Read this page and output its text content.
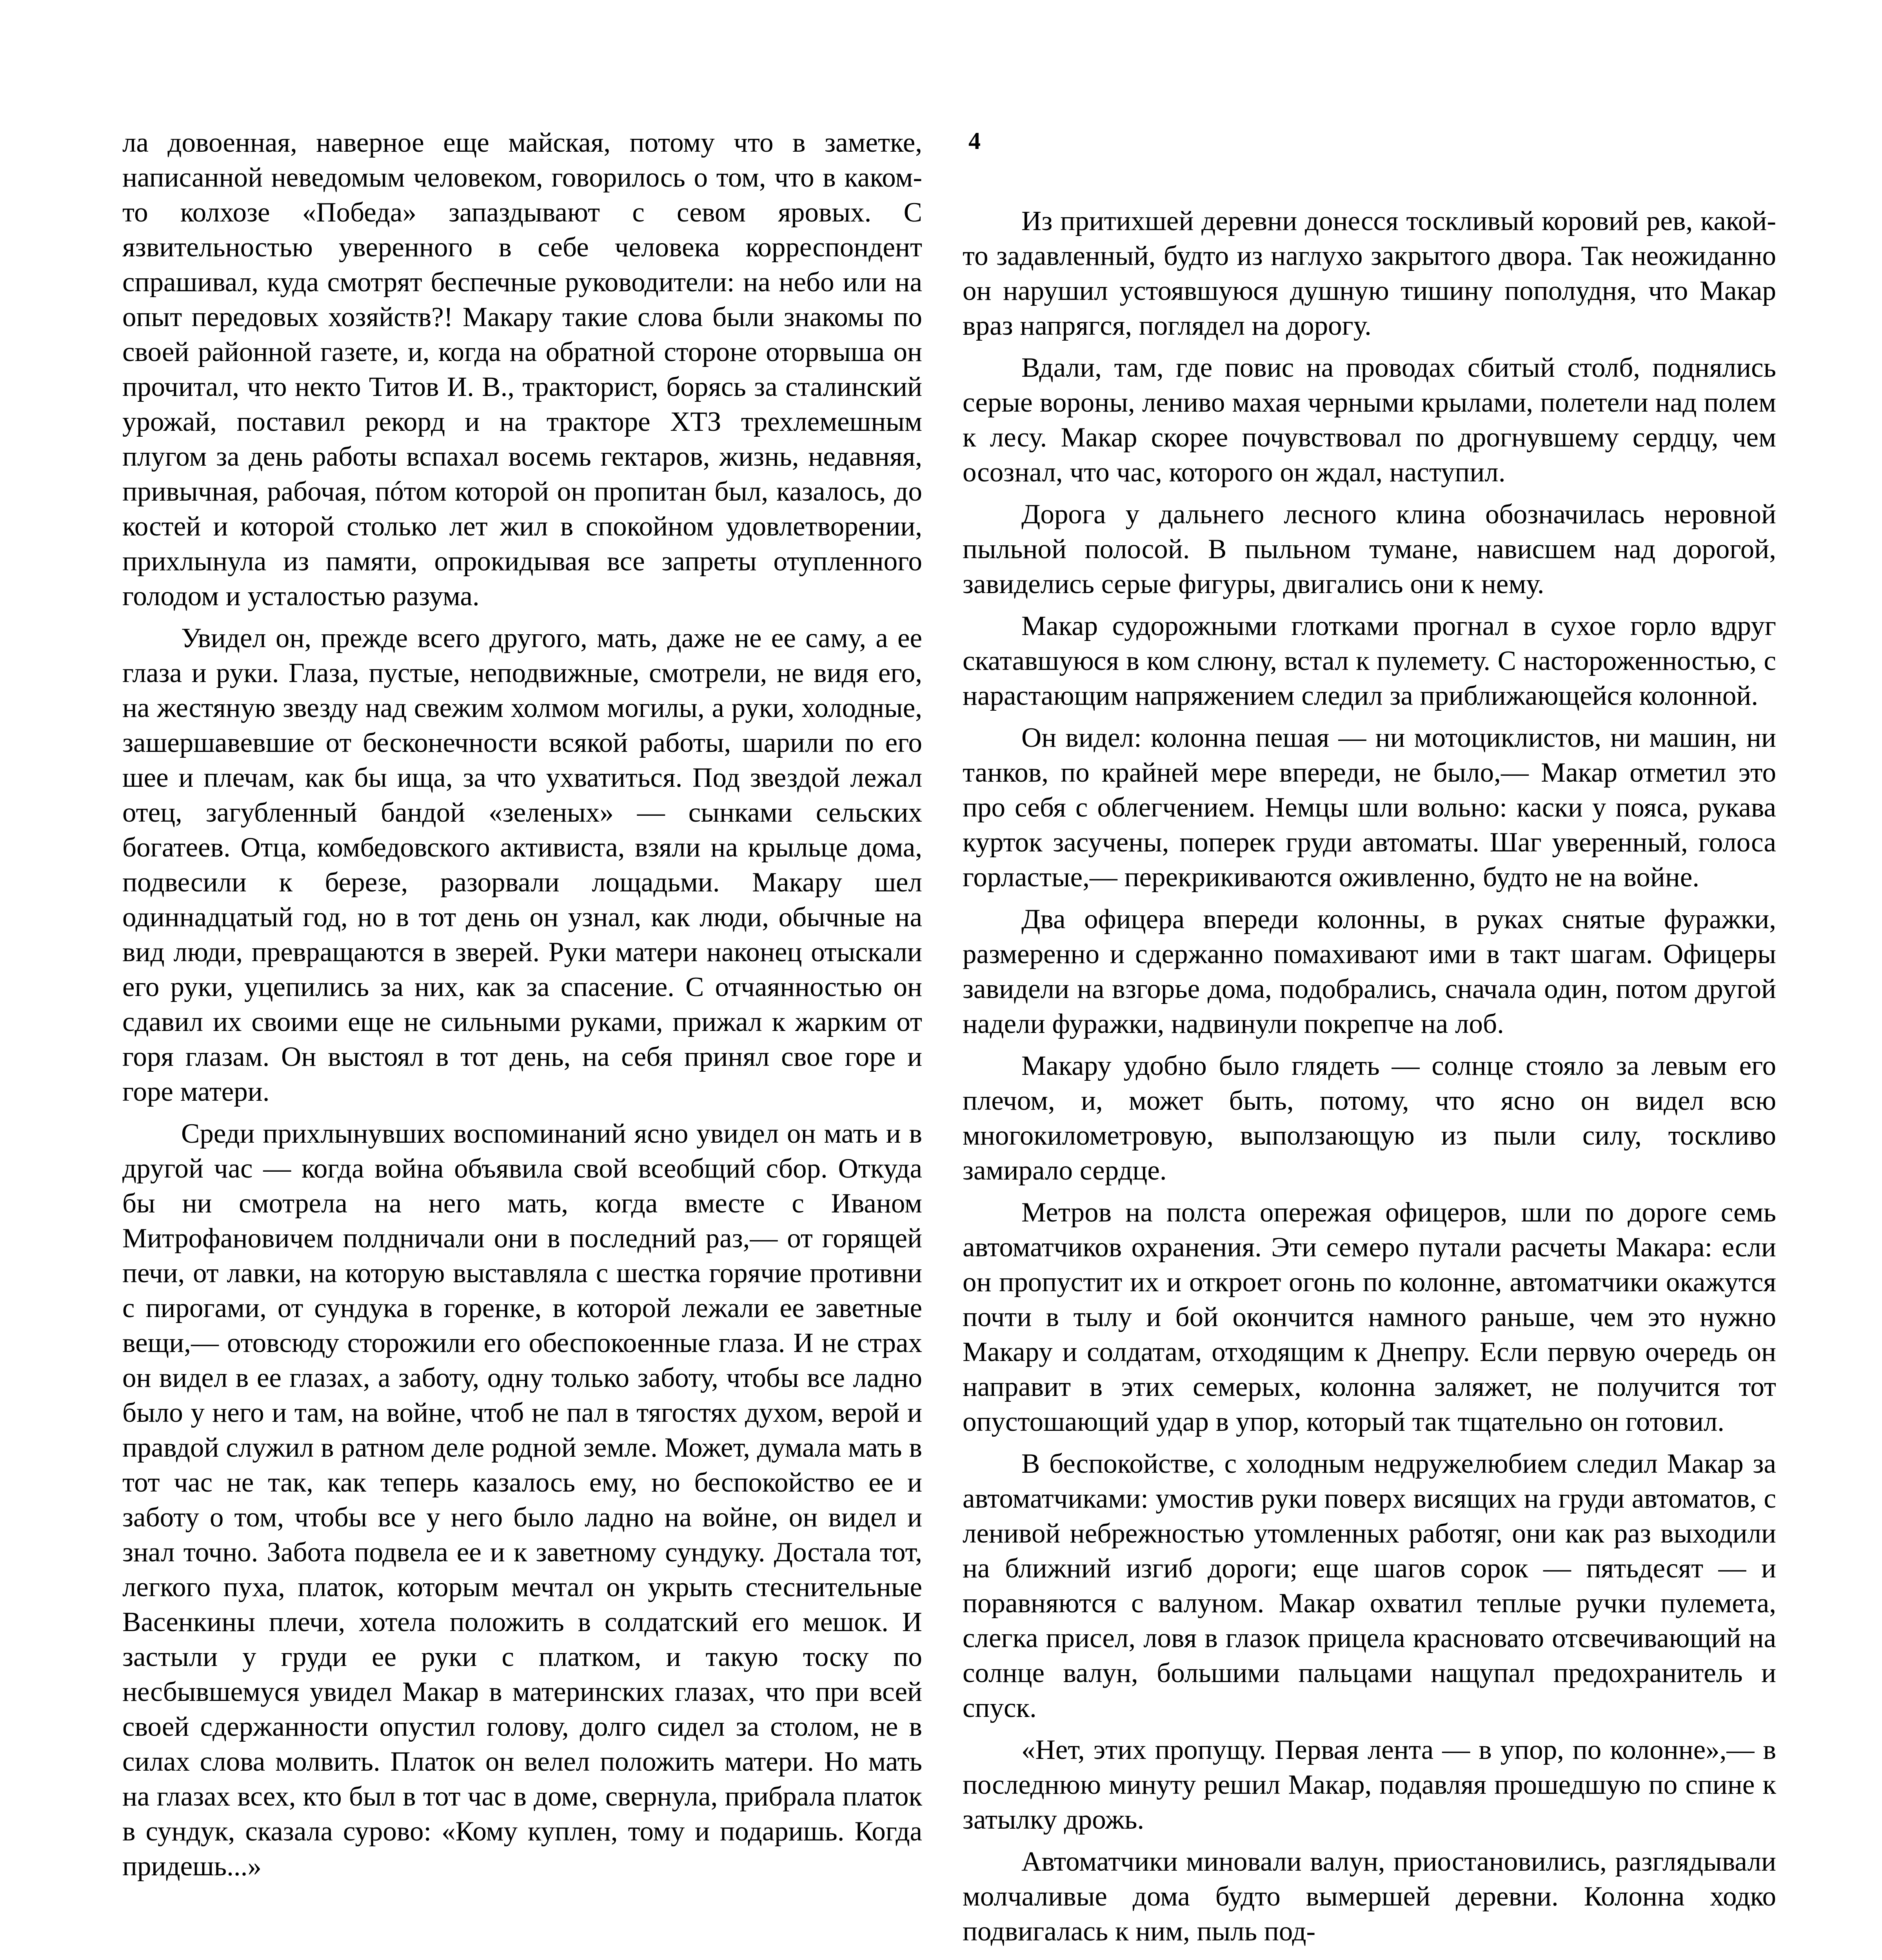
ла довоенная, наверное еще майская, потому что в заметке, написанной неведомым человеком, говорилось о том, что в каком-то колхозе «Победа» запаздывают с севом яровых. С язвительностью уверенного в себе человека корреспондент спрашивал, куда смотрят беспечные руководители: на небо или на опыт передовых хозяйств?! Макару такие слова были знакомы по своей районной газете, и, когда на обратной стороне оторвыша он прочитал, что некто Титов И. В., тракторист, борясь за сталинский урожай, поставил рекорд и на тракторе ХТЗ трехлемешным плугом за день работы вспахал восемь гектаров, жизнь, недавняя, привычная, рабочая, пóтом которой он пропитан был, казалось, до костей и которой столько лет жил в спокойном удовлетворении, прихлынула из памяти, опрокидывая все запреты отупленного голодом и усталостью разума.

Увидел он, прежде всего другого, мать, даже не ее саму, а ее глаза и руки. Глаза, пустые, неподвижные, смотрели, не видя его, на жестяную звезду над свежим холмом могилы, а руки, холодные, зашершавевшие от бесконечности всякой работы, шарили по его шее и плечам, как бы ища, за что ухватиться. Под звездой лежал отец, загубленный бандой «зеленых» — сынками сельских богатеев. Отца, комбедовского активиста, взяли на крыльце дома, подвесили к березе, разорвали лощадьми. Макару шел одиннадцатый год, но в тот день он узнал, как люди, обычные на вид люди, превращаются в зверей. Руки матери наконец отыскали его руки, уцепились за них, как за спасение. С отчаянностью он сдавил их своими еще не сильными руками, прижал к жарким от горя глазам. Он выстоял в тот день, на себя принял свое горе и горе матери.

Среди прихлынувших воспоминаний ясно увидел он мать и в другой час — когда война объявила свой всеобщий сбор. Откуда бы ни смотрела на него мать, когда вместе с Иваном Митрофановичем полдничали они в последний раз,— от горящей печи, от лавки, на которую выставляла с шестка горячие противни с пирогами, от сундука в горенке, в которой лежали ее заветные вещи,— отовсюду сторожили его обеспокоенные глаза. И не страх он видел в ее глазах, а заботу, одну только заботу, чтобы все ладно было у него и там, на войне, чтоб не пал в тягостях духом, верой и правдой служил в ратном деле родной земле. Может, думала мать в тот час не так, как теперь казалось ему, но беспокойство ее и заботу о том, чтобы все у него было ладно на войне, он видел и знал точно. Забота подвела ее и к заветному сундуку. Достала тот, легкого пуха, платок, которым мечтал он укрыть стеснительные Васенкины плечи, хотела положить в солдатский его мешок. И застыли у груди ее руки с платком, и такую тоску по несбывшемуся увидел Макар в материнских глазах, что при всей своей сдержанности опустил голову, долго сидел за столом, не в силах слова молвить. Платок он велел положить матери. Но мать на глазах всех, кто был в тот час в доме, свернула, прибрала платок в сундук, сказала сурово: «Кому куплен, тому и подаришь. Когда придешь...»

4

Из притихшей деревни донесся тоскливый коровий рев, какой-то задавленный, будто из наглухо закрытого двора. Так неожиданно он нарушил устоявшуюся душную тишину пополудня, что Макар враз напрягся, поглядел на дорогу.

Вдали, там, где повис на проводах сбитый столб, поднялись серые вороны, лениво махая черными крылами, полетели над полем к лесу. Макар скорее почувствовал по дрогнувшему сердцу, чем осознал, что час, которого он ждал, наступил.

Дорога у дальнего лесного клина обозначилась неровной пыльной полосой. В пыльном тумане, нависшем над дорогой, завиделись серые фигуры, двигались они к нему.

Макар судорожными глотками прогнал в сухое горло вдруг скатавшуюся в ком слюну, встал к пулемету. С настороженностью, с нарастающим напряжением следил за приближающейся колонной.

Он видел: колонна пешая — ни мотоциклистов, ни машин, ни танков, по крайней мере впереди, не было,— Макар отметил это про себя с облегчением. Немцы шли вольно: каски у пояса, рукава курток засучены, поперек груди автоматы. Шаг уверенный, голоса горластые,— перекрикиваются оживленно, будто не на войне.

Два офицера впереди колонны, в руках снятые фуражки, размеренно и сдержанно помахивают ими в такт шагам. Офицеры завидели на взгорье дома, подобрались, сначала один, потом другой надели фуражки, надвинули покрепче на лоб.

Макару удобно было глядеть — солнце стояло за левым его плечом, и, может быть, потому, что ясно он видел всю многокилометровую, выползающую из пыли силу, тоскливо замирало сердце.

Метров на полста опережая офицеров, шли по дороге семь автоматчиков охранения. Эти семеро путали расчеты Макара: если он пропустит их и откроет огонь по колонне, автоматчики окажутся почти в тылу и бой окончится намного раньше, чем это нужно Макару и солдатам, отходящим к Днепру. Если первую очередь он направит в этих семерых, колонна заляжет, не получится тот опустошающий удар в упор, который так тщательно он готовил.

В беспокойстве, с холодным недружелюбием следил Макар за автоматчиками: умостив руки поверх висящих на груди автоматов, с ленивой небрежностью утомленных работяг, они как раз выходили на ближний изгиб дороги; еще шагов сорок — пятьдесят — и поравняются с валуном. Макар охватил теплые ручки пулемета, слегка присел, ловя в глазок прицела красновато отсвечивающий на солнце валун, большими пальцами нащупал предохранитель и спуск.

«Нет, этих пропущу. Первая лента — в упор, по колонне»,— в последнюю минуту решил Макар, подавляя прошедшую по спине к затылку дрожь.

Автоматчики миновали валун, приостановились, разглядывали молчаливые дома будто вымершей деревни. Колонна ходко подвигалась к ним, пыль под-
